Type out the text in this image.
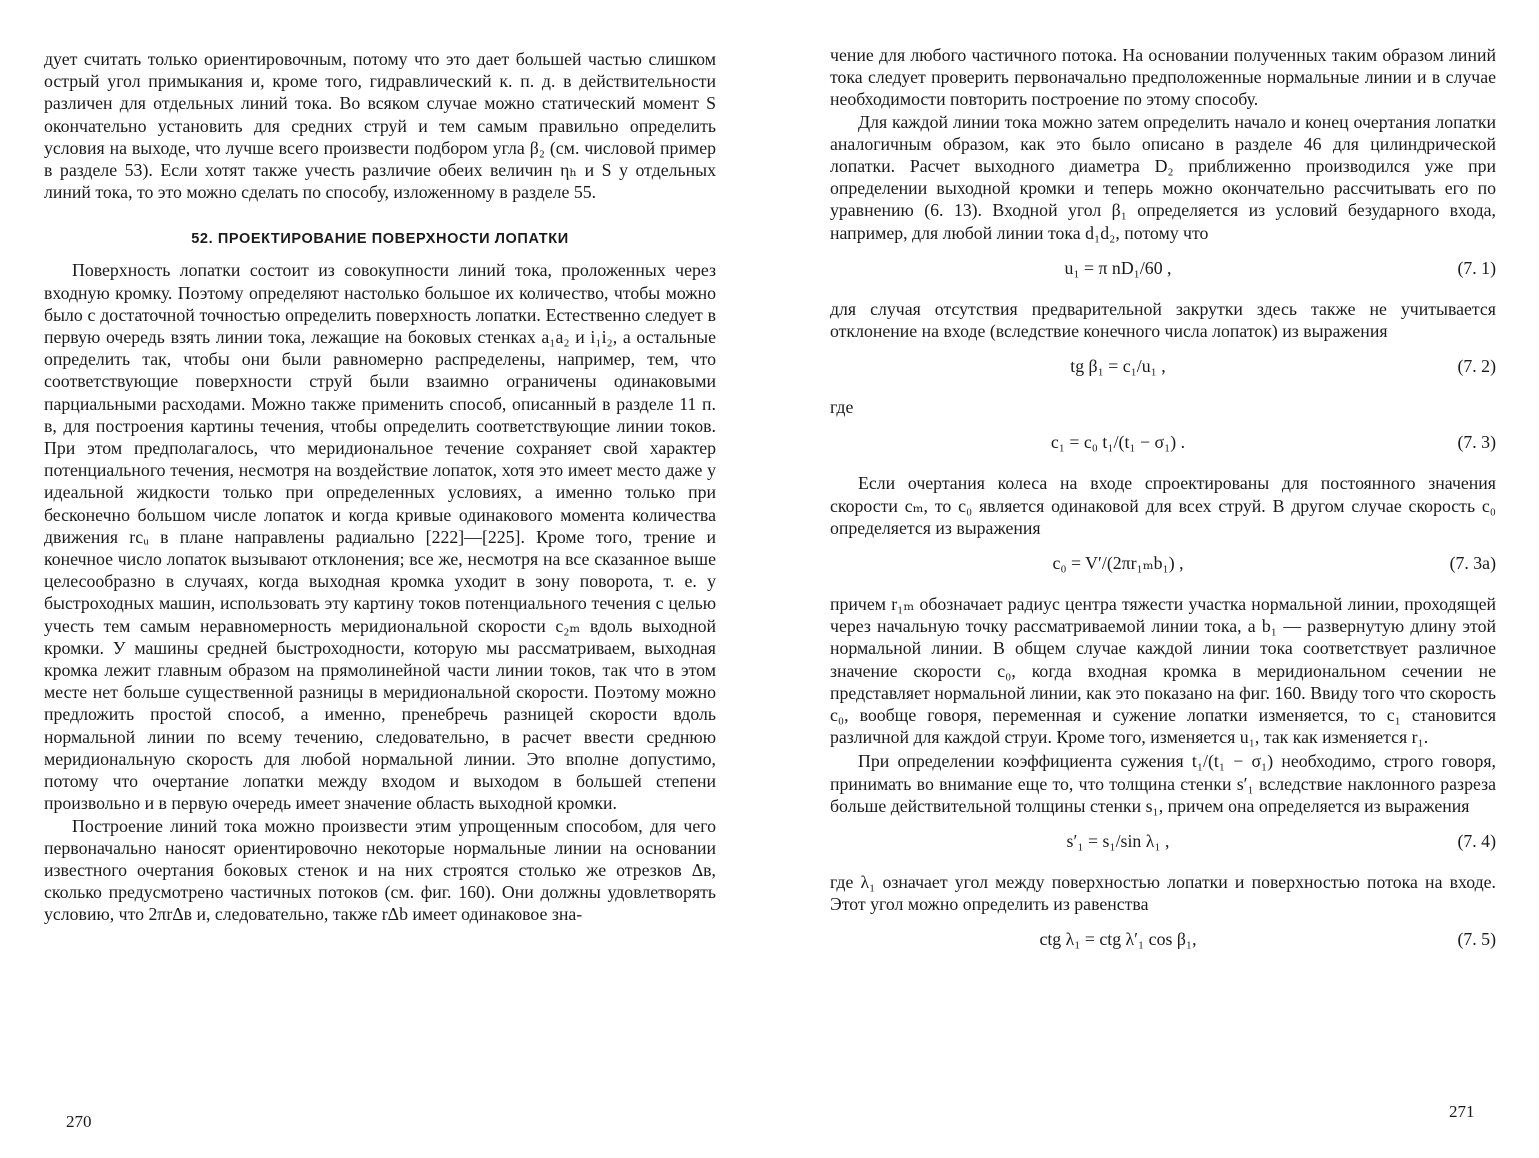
дует считать только ориентировочным, потому что это дает большей частью слишком острый угол примыкания и, кроме того, гидравлический к. п. д. в действительности различен для отдельных линий тока. Во всяком случае можно статический момент S окончательно установить для средних струй и тем самым правильно определить условия на выходе, что лучше всего произвести подбором угла β₂ (см. числовой пример в разделе 53). Если хотят также учесть различие обеих величин ηₕ и S у отдельных линий тока, то это можно сделать по способу, изложенному в разделе 55.

52. ПРОЕКТИРОВАНИЕ ПОВЕРХНОСТИ ЛОПАТКИ

Поверхность лопатки состоит из совокупности линий тока, проложенных через входную кромку. Поэтому определяют настолько большое их количество, чтобы можно было с достаточной точностью определить поверхность лопатки. Естественно следует в первую очередь взять линии тока, лежащие на боковых стенках a₁a₂ и i₁i₂, а остальные определить так, чтобы они были равномерно распределены, например, тем, что соответствующие поверхности струй были взаимно ограничены одинаковыми парциальными расходами. Можно также применить способ, описанный в разделе 11 п. в, для построения картины течения, чтобы определить соответствующие линии токов. При этом предполагалось, что меридиональное течение сохраняет свой характер потенциального течения, несмотря на воздействие лопаток, хотя это имеет место даже у идеальной жидкости только при определенных условиях, а именно только при бесконечно большом числе лопаток и когда кривые одинакового момента количества движения rcᵤ в плане направлены радиально [222]—[225]. Кроме того, трение и конечное число лопаток вызывают отклонения; все же, несмотря на все сказанное выше целесообразно в случаях, когда выходная кромка уходит в зону поворота, т. е. у быстроходных машин, использовать эту картину токов потенциального течения с целью учесть тем самым неравномерность меридиональной скорости c₂ₘ вдоль выходной кромки. У машины средней быстроходности, которую мы рассматриваем, выходная кромка лежит главным образом на прямолинейной части линии токов, так что в этом месте нет больше существенной разницы в меридиональной скорости. Поэтому можно предложить простой способ, а именно, пренебречь разницей скорости вдоль нормальной линии по всему течению, следовательно, в расчет ввести среднюю меридиональную скорость для любой нормальной линии. Это вполне допустимо, потому что очертание лопатки между входом и выходом в большей степени произвольно и в первую очередь имеет значение область выходной кромки.

Построение линий тока можно произвести этим упрощенным способом, для чего первоначально наносят ориентировочно некоторые нормальные линии на основании известного очертания боковых стенок и на них строятся столько же отрезков Δв, сколько предусмотрено частичных потоков (см. фиг. 160). Они должны удовлетворять условию, что 2πrΔв и, следовательно, также rΔb имеет одинаковое зна-

чение для любого частичного потока. На основании полученных таким образом линий тока следует проверить первоначально предположенные нормальные линии и в случае необходимости повторить построение по этому способу.

Для каждой линии тока можно затем определить начало и конец очертания лопатки аналогичным образом, как это было описано в разделе 46 для цилиндрической лопатки. Расчет выходного диаметра D₂ приближенно производился уже при определении выходной кромки и теперь можно окончательно рассчитывать его по уравнению (6. 13). Входной угол β₁ определяется из условий безударного входа, например, для любой линии тока d₁d₂, потому что

u₁ = π nD₁/60 ,	(7. 1)

для случая отсутствия предварительной закрутки здесь также не учитывается отклонение на входе (вследствие конечного числа лопаток) из выражения

tg β₁ = c₁/u₁ ,	(7. 2)

где

c₁ = c₀ t₁/(t₁ − σ₁) .	(7. 3)

Если очертания колеса на входе спроектированы для постоянного значения скорости cₘ, то c₀ является одинаковой для всех струй. В другом случае скорость c₀ определяется из выражения

c₀ = V′/(2πr₁ₘb₁) ,	(7. 3а)

причем r₁ₘ обозначает радиус центра тяжести участка нормальной линии, проходящей через начальную точку рассматриваемой линии тока, а b₁ — развернутую длину этой нормальной линии. В общем случае каждой линии тока соответствует различное значение скорости c₀, когда входная кромка в меридиональном сечении не представляет нормальной линии, как это показано на фиг. 160. Ввиду того что скорость c₀, вообще говоря, переменная и сужение лопатки изменяется, то c₁ становится различной для каждой струи. Кроме того, изменяется u₁, так как изменяется r₁.

При определении коэффициента сужения t₁/(t₁ − σ₁) необходимо, строго говоря, принимать во внимание еще то, что толщина стенки s′₁ вследствие наклонного разреза больше действительной толщины стенки s₁, причем она определяется из выражения

s′₁ = s₁/sin λ₁ ,	(7. 4)

где λ₁ означает угол между поверхностью лопатки и поверхностью потока на входе. Этот угол можно определить из равенства

ctg λ₁ = ctg λ′₁ cos β₁,	(7. 5)
270
271
